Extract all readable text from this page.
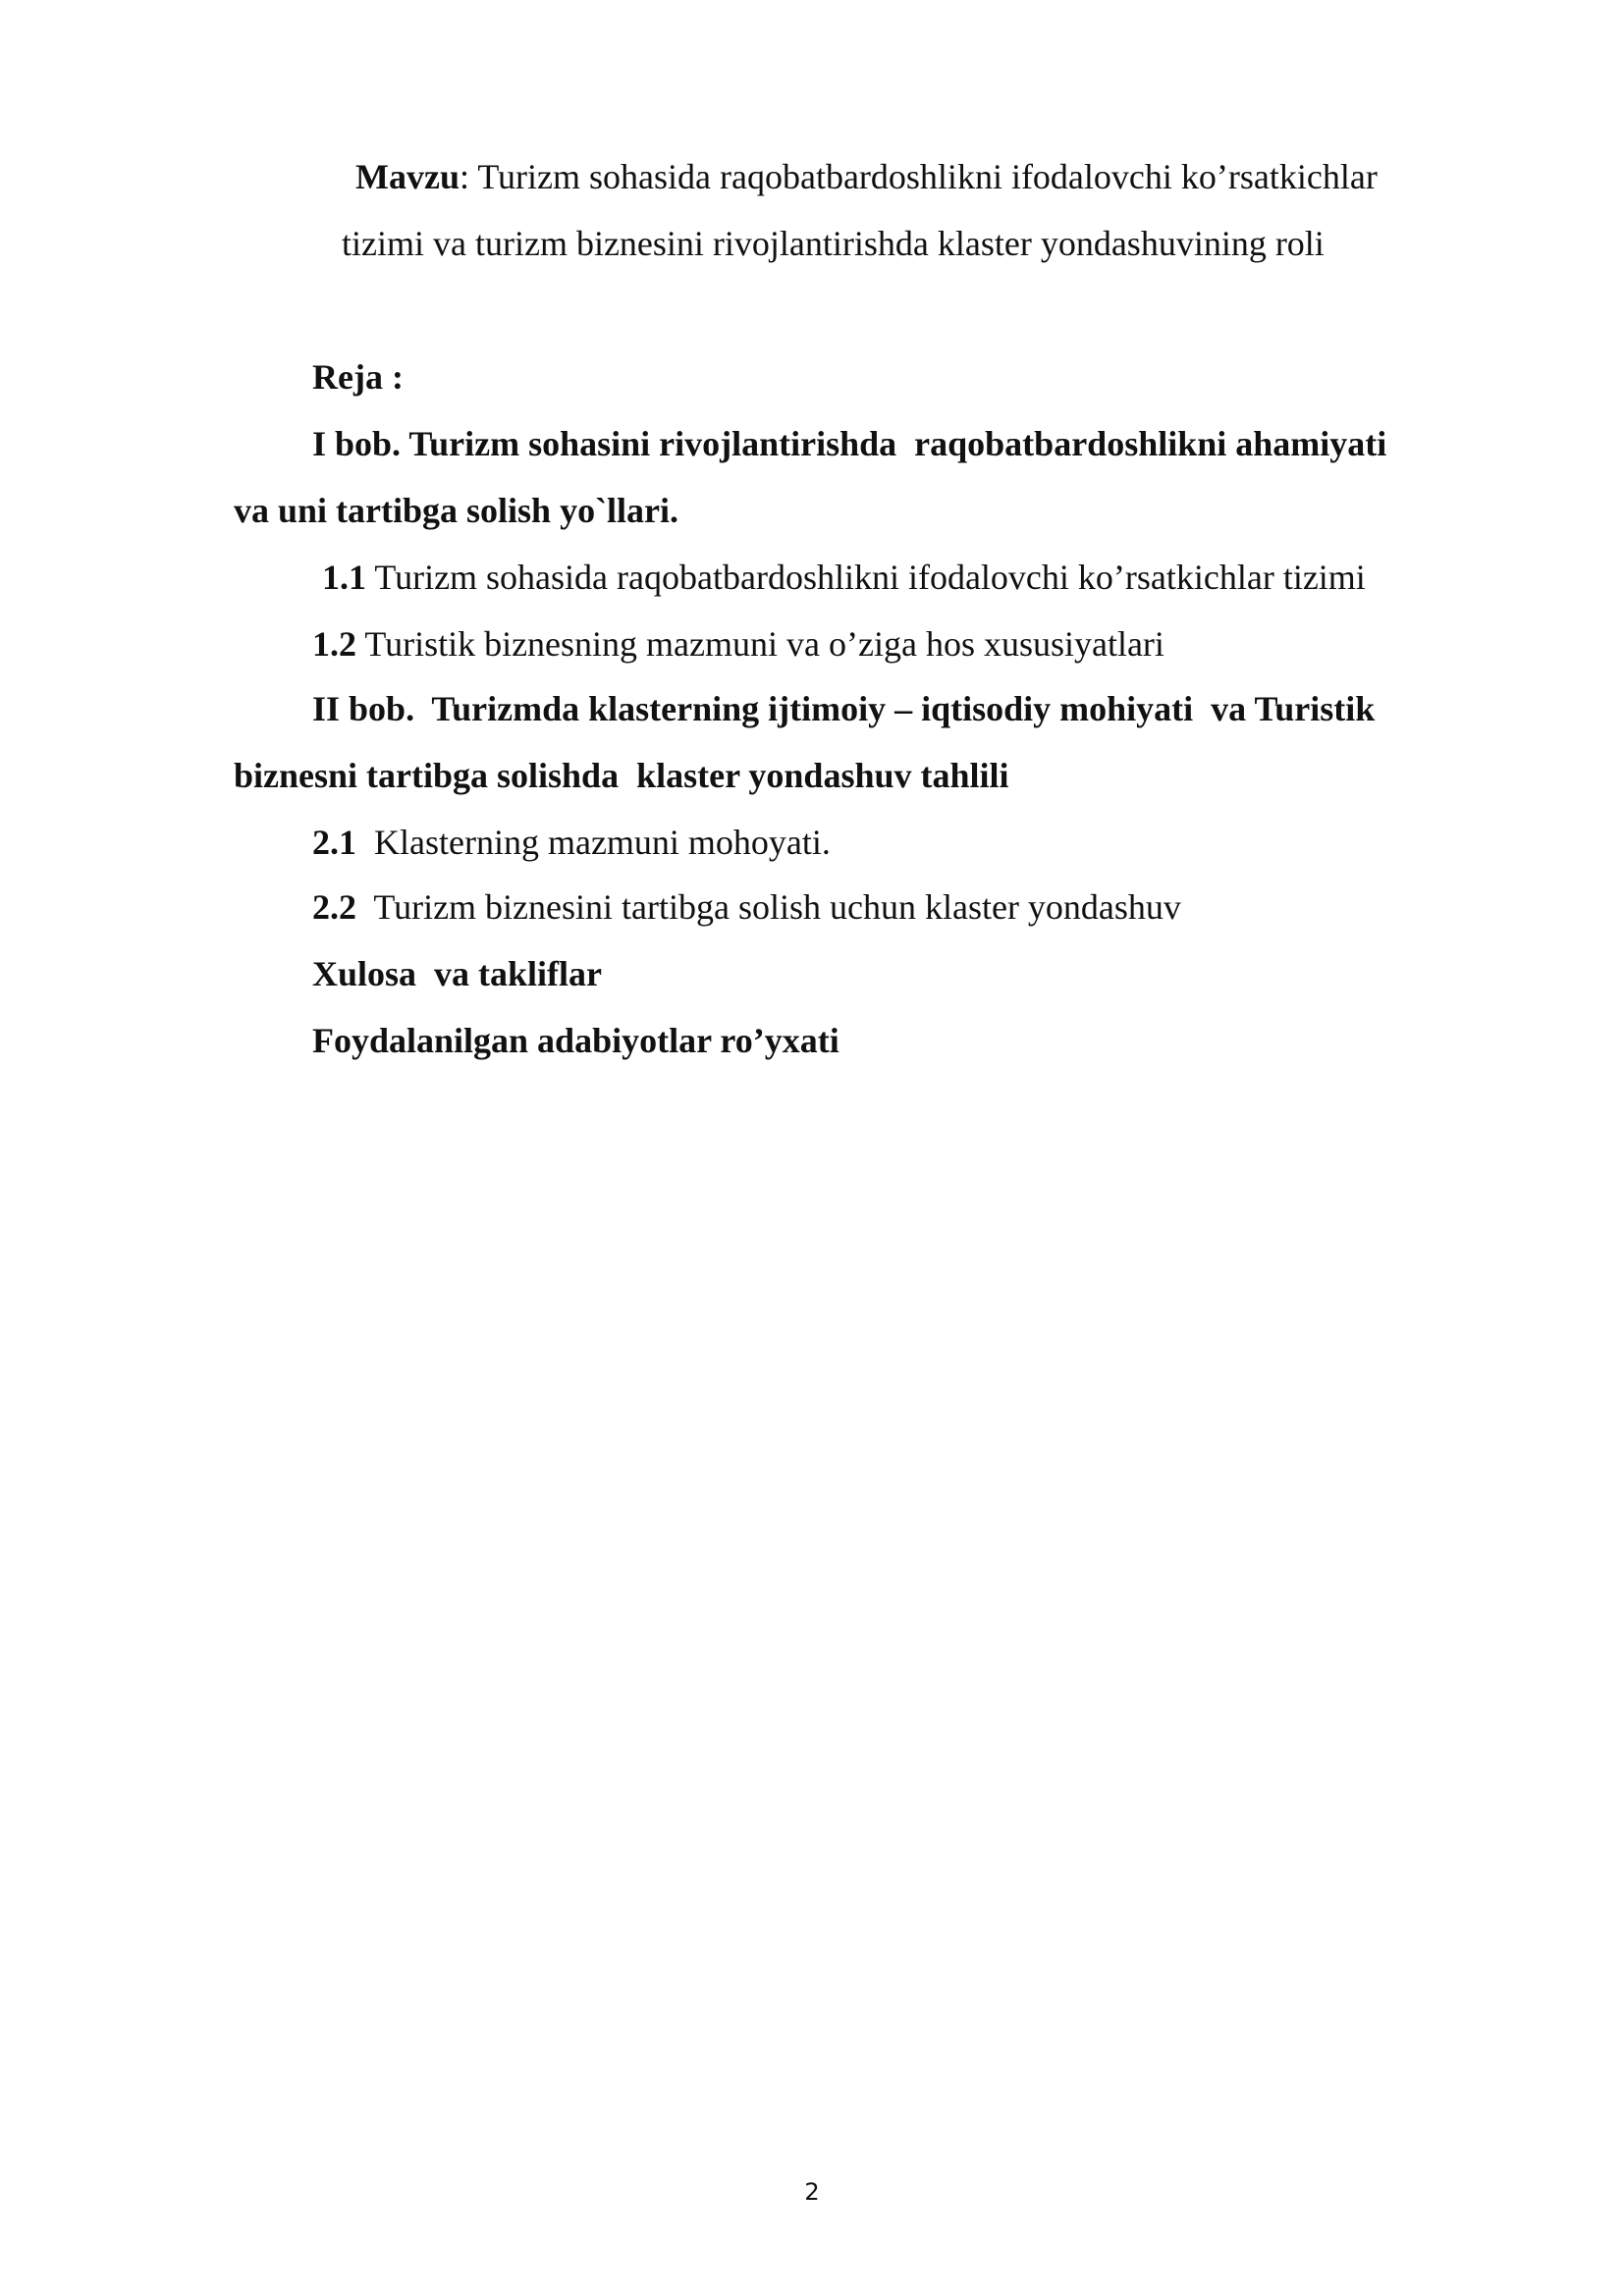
Mavzu: Turizm sohasida raqobatbardoshlikni ifodalovchi ko’rsatkichlar
tizimi va turizm biznesini rivojlantirishda klaster yondashuvining roli
Reja :
I bob. Turizm sohasini rivojlantirishda  raqobatbardoshlikni ahamiyati
va uni tartibga solish yo`llari.
1.1 Turizm sohasida raqobatbardoshlikni ifodalovchi ko’rsatkichlar tizimi
1.2 Turistik biznesning mazmuni va o’ziga hos xususiyatlari
II bob.  Turizmda klasterning ijtimoiy – iqtisodiy mohiyati  va Turistik
biznesni tartibga solishda  klaster yondashuv tahlili
2.1  Klasterning mazmuni mohoyati.
2.2  Turizm biznesini tartibga solish uchun klaster yondashuv
Xulosa  va takliflar
Foydalanilgan adabiyotlar ro’yxati
2
